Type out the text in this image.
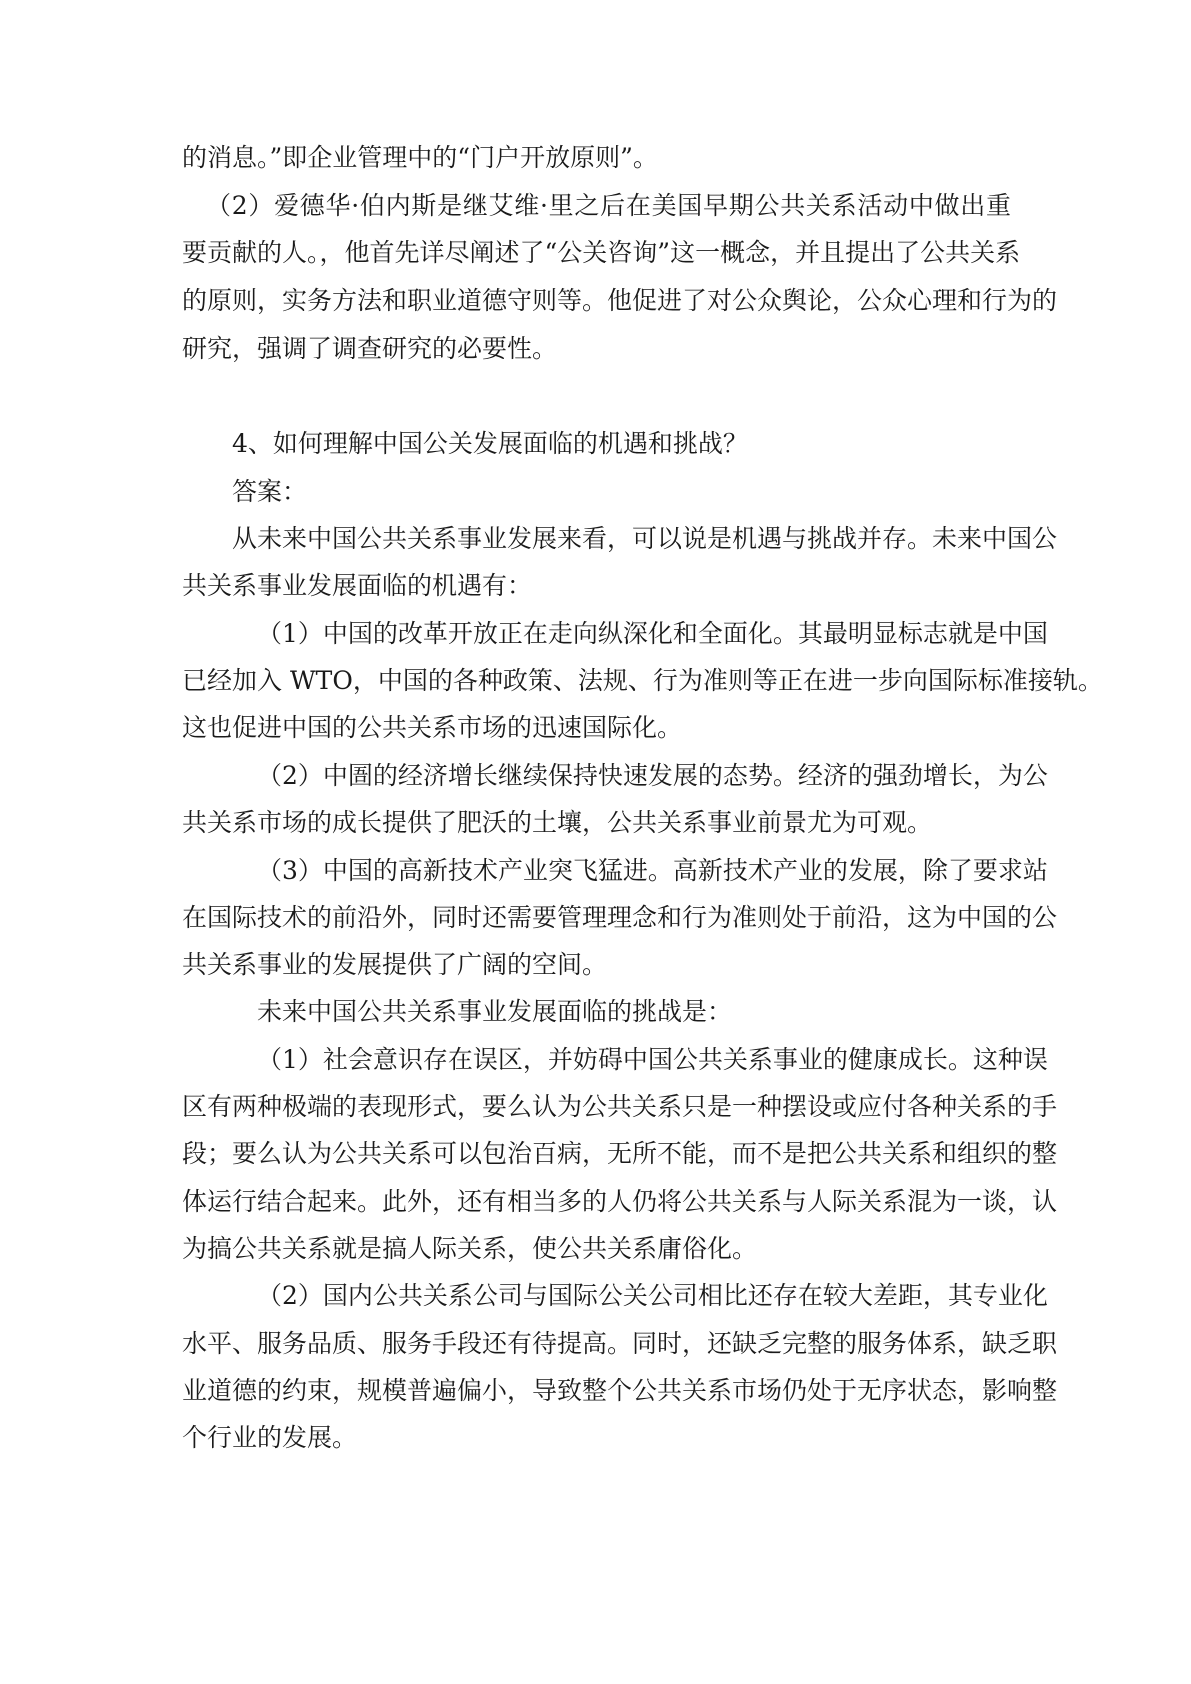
的消息。”即企业管理中的“门户开放原则”。

（2）爱德华·伯内斯是继艾维·里之后在美国早期公共关系活动中做出重

要贡献的人。，他首先详尽阐述了“公关咨询”这一概念，并且提出了公共关系

的原则，实务方法和职业道德守则等。他促进了对公众舆论，公众心理和行为的

研究，强调了调查研究的必要性。

4、如何理解中国公关发展面临的机遇和挑战？

答案：

从未来中国公共关系事业发展来看，可以说是机遇与挑战并存。未来中国公

共关系事业发展面临的机遇有：

（1）中国的改革开放正在走向纵深化和全面化。其最明显标志就是中国

已经加入 WTO，中国的各种政策、法规、行为准则等正在进一步向国际标准接轨。

这也促进中国的公共关系市场的迅速国际化。

（2）中圄的经济增长继续保持快速发展的态势。经济的强劲增长，为公

共关系市场的成长提供了肥沃的土壤，公共关系事业前景尤为可观。

（3）中国的高新技术产业突飞猛进。高新技术产业的发展，除了要求站

在国际技术的前沿外，同时还需要管理理念和行为准则处于前沿，这为中国的公

共关系事业的发展提供了广阔的空间。

未来中国公共关系事业发展面临的挑战是：

（1）社会意识存在误区，并妨碍中国公共关系事业的健康成长。这种误

区有两种极端的表现形式，要么认为公共关系只是一种摆设或应付各种关系的手

段；要么认为公共关系可以包治百病，无所不能，而不是把公共关系和组织的整

体运行结合起来。此外，还有相当多的人仍将公共关系与人际关系混为一谈，认

为搞公共关系就是搞人际关系，使公共关系庸俗化。

（2）国内公共关系公司与国际公关公司相比还存在较大差距，其专业化

水平、服务品质、服务手段还有待提高。同时，还缺乏完整的服务体系，缺乏职

业道德的约束，规模普遍偏小，导致整个公共关系市场仍处于无序状态，影响整

个行业的发展。
